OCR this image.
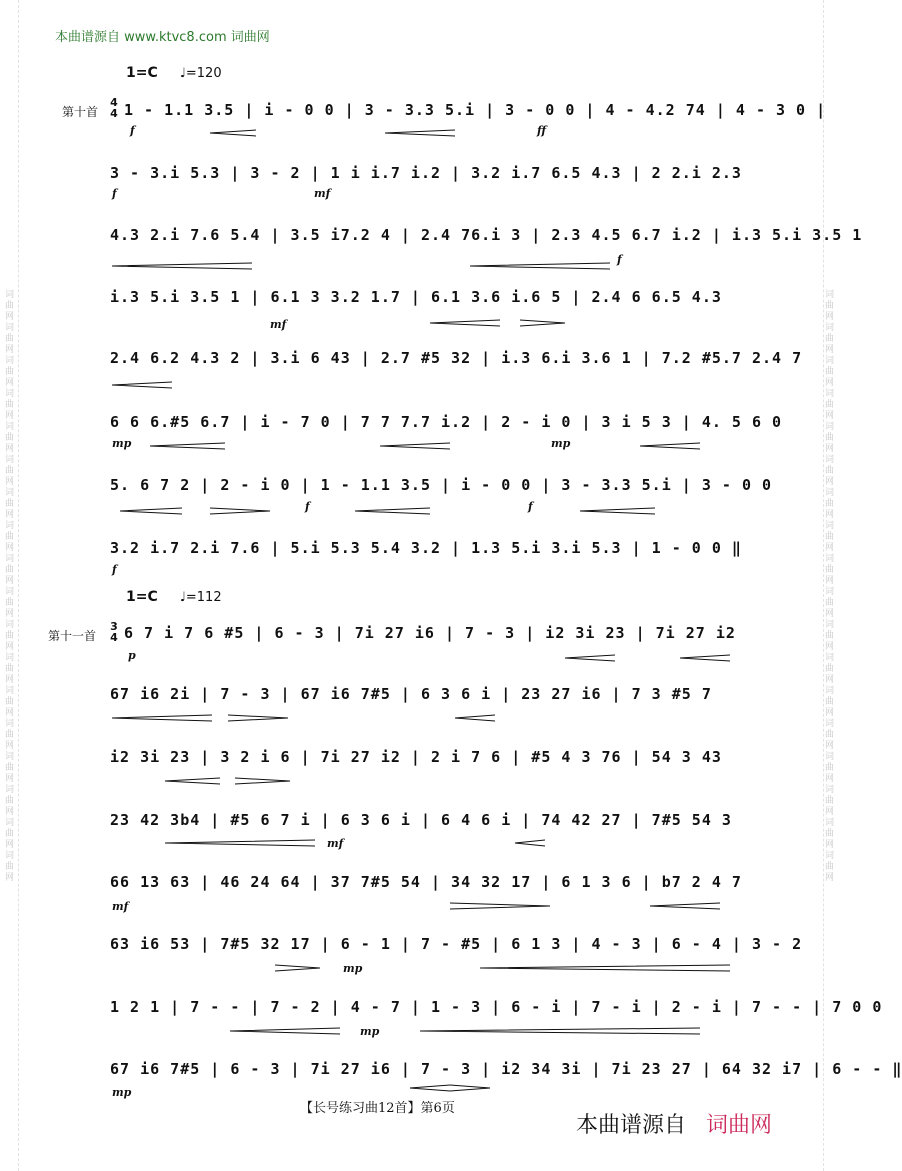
词曲网词曲网词曲网词曲网词曲网词曲网词曲网词曲网词曲网词曲网词曲网词曲网词曲网词曲网词曲网词曲网词曲网词曲网	词曲网词曲网词曲网词曲网词曲网词曲网词曲网词曲网词曲网词曲网词曲网词曲网词曲网词曲网词曲网词曲网词曲网词曲网
本曲谱源自 www.ktvc8.com 词曲网
1=C ♩=120
第十首
4
4 1 - 1.1 3.5 | i - 0 0 | 3 - 3.3 5.i | 3 - 0 0 | 4 - 4.2 74 | 4 - 3 0 |
3 - 3.i 5.3 | 3 - 2 | 1 i i.7 i.2 | 3.2 i.7 6.5 4.3 | 2 2.i 2.3
4.3 2.i 7.6 5.4 | 3.5 i7.2 4 | 2.4 76.i 3 | 2.3 4.5 6.7 i.2 | i.3 5.i 3.5 1
i.3 5.i 3.5 1 | 6.1 3 3.2 1.7 | 6.1 3.6 i.6 5 | 2.4 6 6.5 4.3
2.4 6.2 4.3 2 | 3.i 6 43 | 2.7 #5 32 | i.3 6.i 3.6 1 | 7.2 #5.7 2.4 7
6 6 6.#5 6.7 | i - 7 0 | 7 7 7.7 i.2 | 2 - i 0 | 3 i 5 3 | 4. 5 6 0
5. 6 7 2 | 2 - i 0 | 1 - 1.1 3.5 | i - 0 0 | 3 - 3.3 5.i | 3 - 0 0
3.2 i.7 2.i 7.6 | 5.i 5.3 5.4 3.2 | 1.3 5.i 3.i 5.3 | 1 - 0 0 ‖
f	ff
f	mf
f
mf
mp	mp
f	f
f
1=C ♩=112
第十一首
3
4 6 7 i 7 6 #5 | 6 - 3 | 7i 27 i6 | 7 - 3 | i2 3i 23 | 7i 27 i2
67 i6 2i | 7 - 3 | 67 i6 7#5 | 6 3 6 i | 23 27 i6 | 7 3 #5 7
i2 3i 23 | 3 2 i 6 | 7i 27 i2 | 2 i 7 6 | #5 4 3 76 | 54 3 43
23 42 3b4 | #5 6 7 i | 6 3 6 i | 6 4 6 i | 74 42 27 | 7#5 54 3
66 13 63 | 46 24 64 | 37 7#5 54 | 34 32 17 | 6 1 3 6 | b7 2 4 7
63 i6 53 | 7#5 32 17 | 6 - 1 | 7 - #5 | 6 1 3 | 4 - 3 | 6 - 4 | 3 - 2
1 2 1 | 7 - - | 7 - 2 | 4 - 7 | 1 - 3 | 6 - i | 7 - i | 2 - i | 7 - - | 7 0 0
67 i6 7#5 | 6 - 3 | 7i 27 i6 | 7 - 3 | i2 34 3i | 7i 23 27 | 64 32 i7 | 6 - - ‖
p
mf
mf
mp
mp
mp
【长号练习曲12首】第6页
本曲谱源自 词曲网
